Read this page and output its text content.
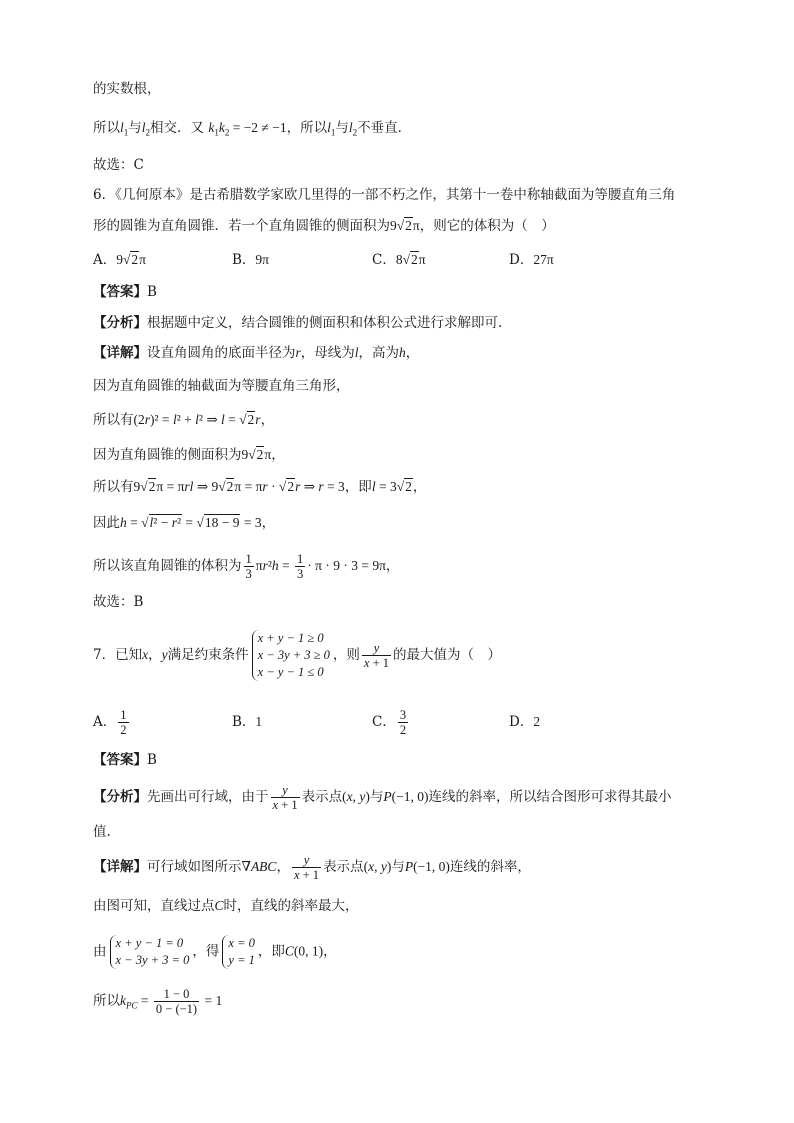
的实数根，
所以$l_1$与$l_2$相交．又 $k_1k_2 = -2 \ne -1$，所以$l_1$与$l_2$不垂直．
故选：C
6．《几何原本》是古希腊数学家欧几里得的一部不朽之作，其第十一卷中称轴截面为等腰直角三角
形的圆锥为直角圆锥．若一个直角圆锥的侧面积为9√2π，则它的体积为（　）
A．9√2π	B．9π	C．8√2π	D．27π
【答案】B
【分析】根据题中定义，结合圆锥的侧面积和体积公式进行求解即可.
【详解】设直角圆角的底面半径为r，母线为l，高为h，
因为直角圆锥的轴截面为等腰直角三角形，
所以有(2r)² = l² + l² ⇒ l = √2r，
因为直角圆锥的侧面积为9√2π，
所以有9√2π = πrl ⇒ 9√2π = πr · √2r ⇒ r = 3，即l = 3√2，
因此h = √l² − r² = √18 − 9 = 3，
所以该直角圆锥的体积为 $\frac{1}{3} \pi r^2h = \frac{1}{3} \cdot \pi \cdot 9 \cdot 3 = 9\pi$，
故选：B
7．已知x，y满足约束条件
x + y − 1 ≥ 0
x − 3y + 3 ≥ 0
x − y − 1 ≤ 0
，则 $\frac{y}{x + 1}$ 的最大值为（　）
A． $\frac{1}{2}$	B．1	C． $\frac{3}{2}$	D．2
【答案】B
【分析】先画出可行域，由于 $\frac{y}{x + 1}$ 表示点(x, y)与P(−1, 0)连线的斜率，所以结合图形可求得其最小
值.
【详解】可行域如图所示∇ABC， $\frac{y}{x + 1}$ 表示点(x, y)与P(−1, 0)连线的斜率，
由图可知，直线过点C时，直线的斜率最大，
由
x + y − 1 = 0
x − 3y + 3 = 0
，得
x = 0
y = 1
，即C(0, 1)，
所以$k_{PC} = \frac{1 - 0}{0 - (-1)} = 1$
